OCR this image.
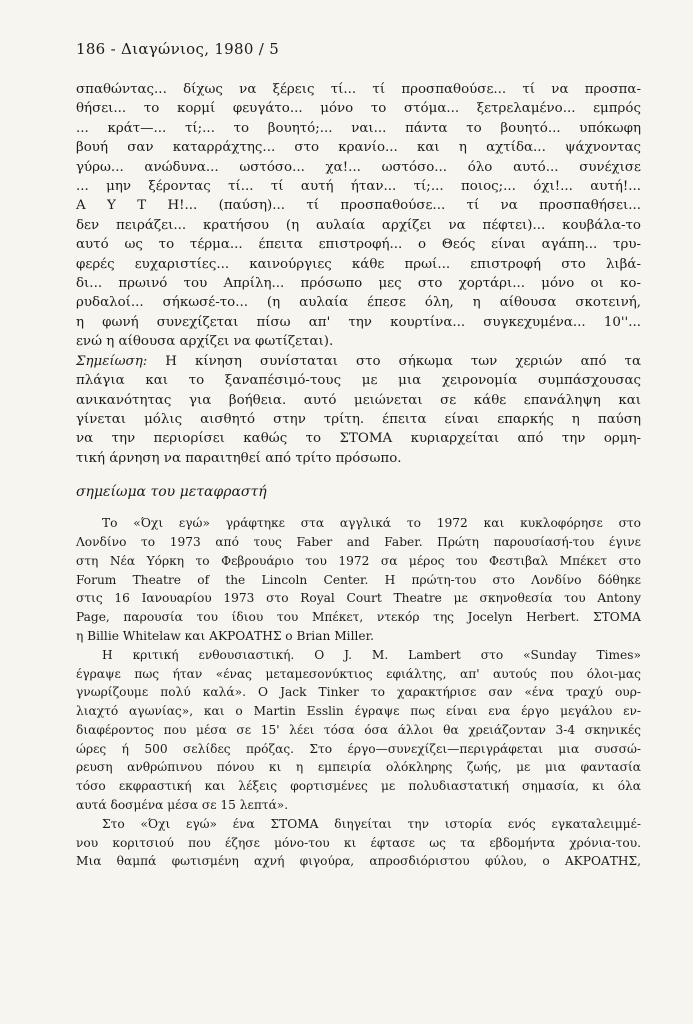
186 - Διαγώνιος, 1980 / 5
σπαθώντας... δίχως να ξέρεις τί... τί προσπαθούσε... τί να προσπα-
θήσει... το κορμί φευγάτο... μόνο το στόμα... ξετρελαμένο... εμπρός
... κράτ—... τί;... το βουητό;... ναι... πάντα το βουητό... υπόκωφη
βουή σαν καταρράχτης... στο κρανίο... και η αχτίδα... ψάχνοντας
γύρω... ανώδυνα... ωστόσο... χα!... ωστόσο... όλο αυτό... συνέχισε
... μην ξέροντας τί... τί αυτή ήταν... τί;... ποιος;... όχι!... αυτή!...
Α Υ Τ Η!... (παύση)... τί προσπαθούσε... τί να προσπαθήσει...
δεν πειράζει... κρατήσου (η αυλαία αρχίζει να πέφτει)... κουβάλα-το
αυτό ως το τέρμα... έπειτα επιστροφή... ο Θεός είναι αγάπη... τρυ-
φερές ευχαριστίες... καινούργιες κάθε πρωί... επιστροφή στο λιβά-
δι... πρωινό του Απρίλη... πρόσωπο μες στο χορτάρι... μόνο οι κο-
ρυδαλοί... σήκωσέ-το... (η αυλαία έπεσε όλη, η αίθουσα σκοτεινή,
η φωνή συνεχίζεται πίσω απ' την κουρτίνα... συγκεχυμένα... 10''...
ενώ η αίθουσα αρχίζει να φωτίζεται).
Σημείωση: Η κίνηση συνίσταται στο σήκωμα των χεριών από τα
πλάγια και το ξαναπέσιμό-τους με μια χειρονομία συμπάσχουσας
ανικανότητας για βοήθεια. αυτό μειώνεται σε κάθε επανάληψη και
γίνεται μόλις αισθητό στην τρίτη. έπειτα είναι επαρκής η παύση
να την περιορίσει καθώς το ΣΤΟΜΑ κυριαρχείται από την ορμη-
τική άρνηση να παραιτηθεί από τρίτο πρόσωπο.
σημείωμα του μεταφραστή
Το «Όχι εγώ» γράφτηκε στα αγγλικά το 1972 και κυκλοφόρησε στο
Λονδίνο το 1973 από τους Faber and Faber. Πρώτη παρουσίασή-του έγινε
στη Νέα Υόρκη το Φεβρουάριο του 1972 σα μέρος του Φεστιβαλ Μπέκετ στο
Forum Theatre of the Lincoln Center. Η πρώτη-του στο Λονδίνο δόθηκε
στις 16 Ιανουαρίου 1973 στο Royal Court Theatre με σκηνοθεσία του Antony
Page, παρουσία του ίδιου του Μπέκετ, ντεκόρ της Jocelyn Herbert. ΣΤΟΜΑ
η Billie Whitelaw και ΑΚΡΟΑΤΗΣ ο Brian Miller.
Η κριτική ενθουσιαστική. Ο J. M. Lambert στο «Sunday Times»
έγραψε πως ήταν «ένας μεταμεσονύκτιος εφιάλτης, απ' αυτούς που όλοι-μας
γνωρίζουμε πολύ καλά». Ο Jack Tinker το χαρακτήρισε σαν «ένα τραχύ ουρ-
λιαχτό αγωνίας», και ο Martin Esslin έγραψε πως είναι ενα έργο μεγάλου εν-
διαφέροντος που μέσα σε 15' λέει τόσα όσα άλλοι θα χρειάζονταν 3-4 σκηνικές
ώρες ή 500 σελίδες πρόζας. Στο έργο—συνεχίζει—περιγράφεται μια συσσώ-
ρευση ανθρώπινου πόνου κι η εμπειρία ολόκληρης ζωής, με μια φαντασία
τόσο εκφραστική και λέξεις φορτισμένες με πολυδιαστατική σημασία, κι όλα
αυτά δοσμένα μέσα σε 15 λεπτά».
Στο «Όχι εγώ» ένα ΣΤΟΜΑ διηγείται την ιστορία ενός εγκαταλειμμέ-
νου κοριτσιού που έζησε μόνο-του κι έφτασε ως τα εβδομήντα χρόνια-του.
Μια θαμπά φωτισμένη αχνή φιγούρα, απροσδιόριστου φύλου, ο ΑΚΡΟΑΤΗΣ,
